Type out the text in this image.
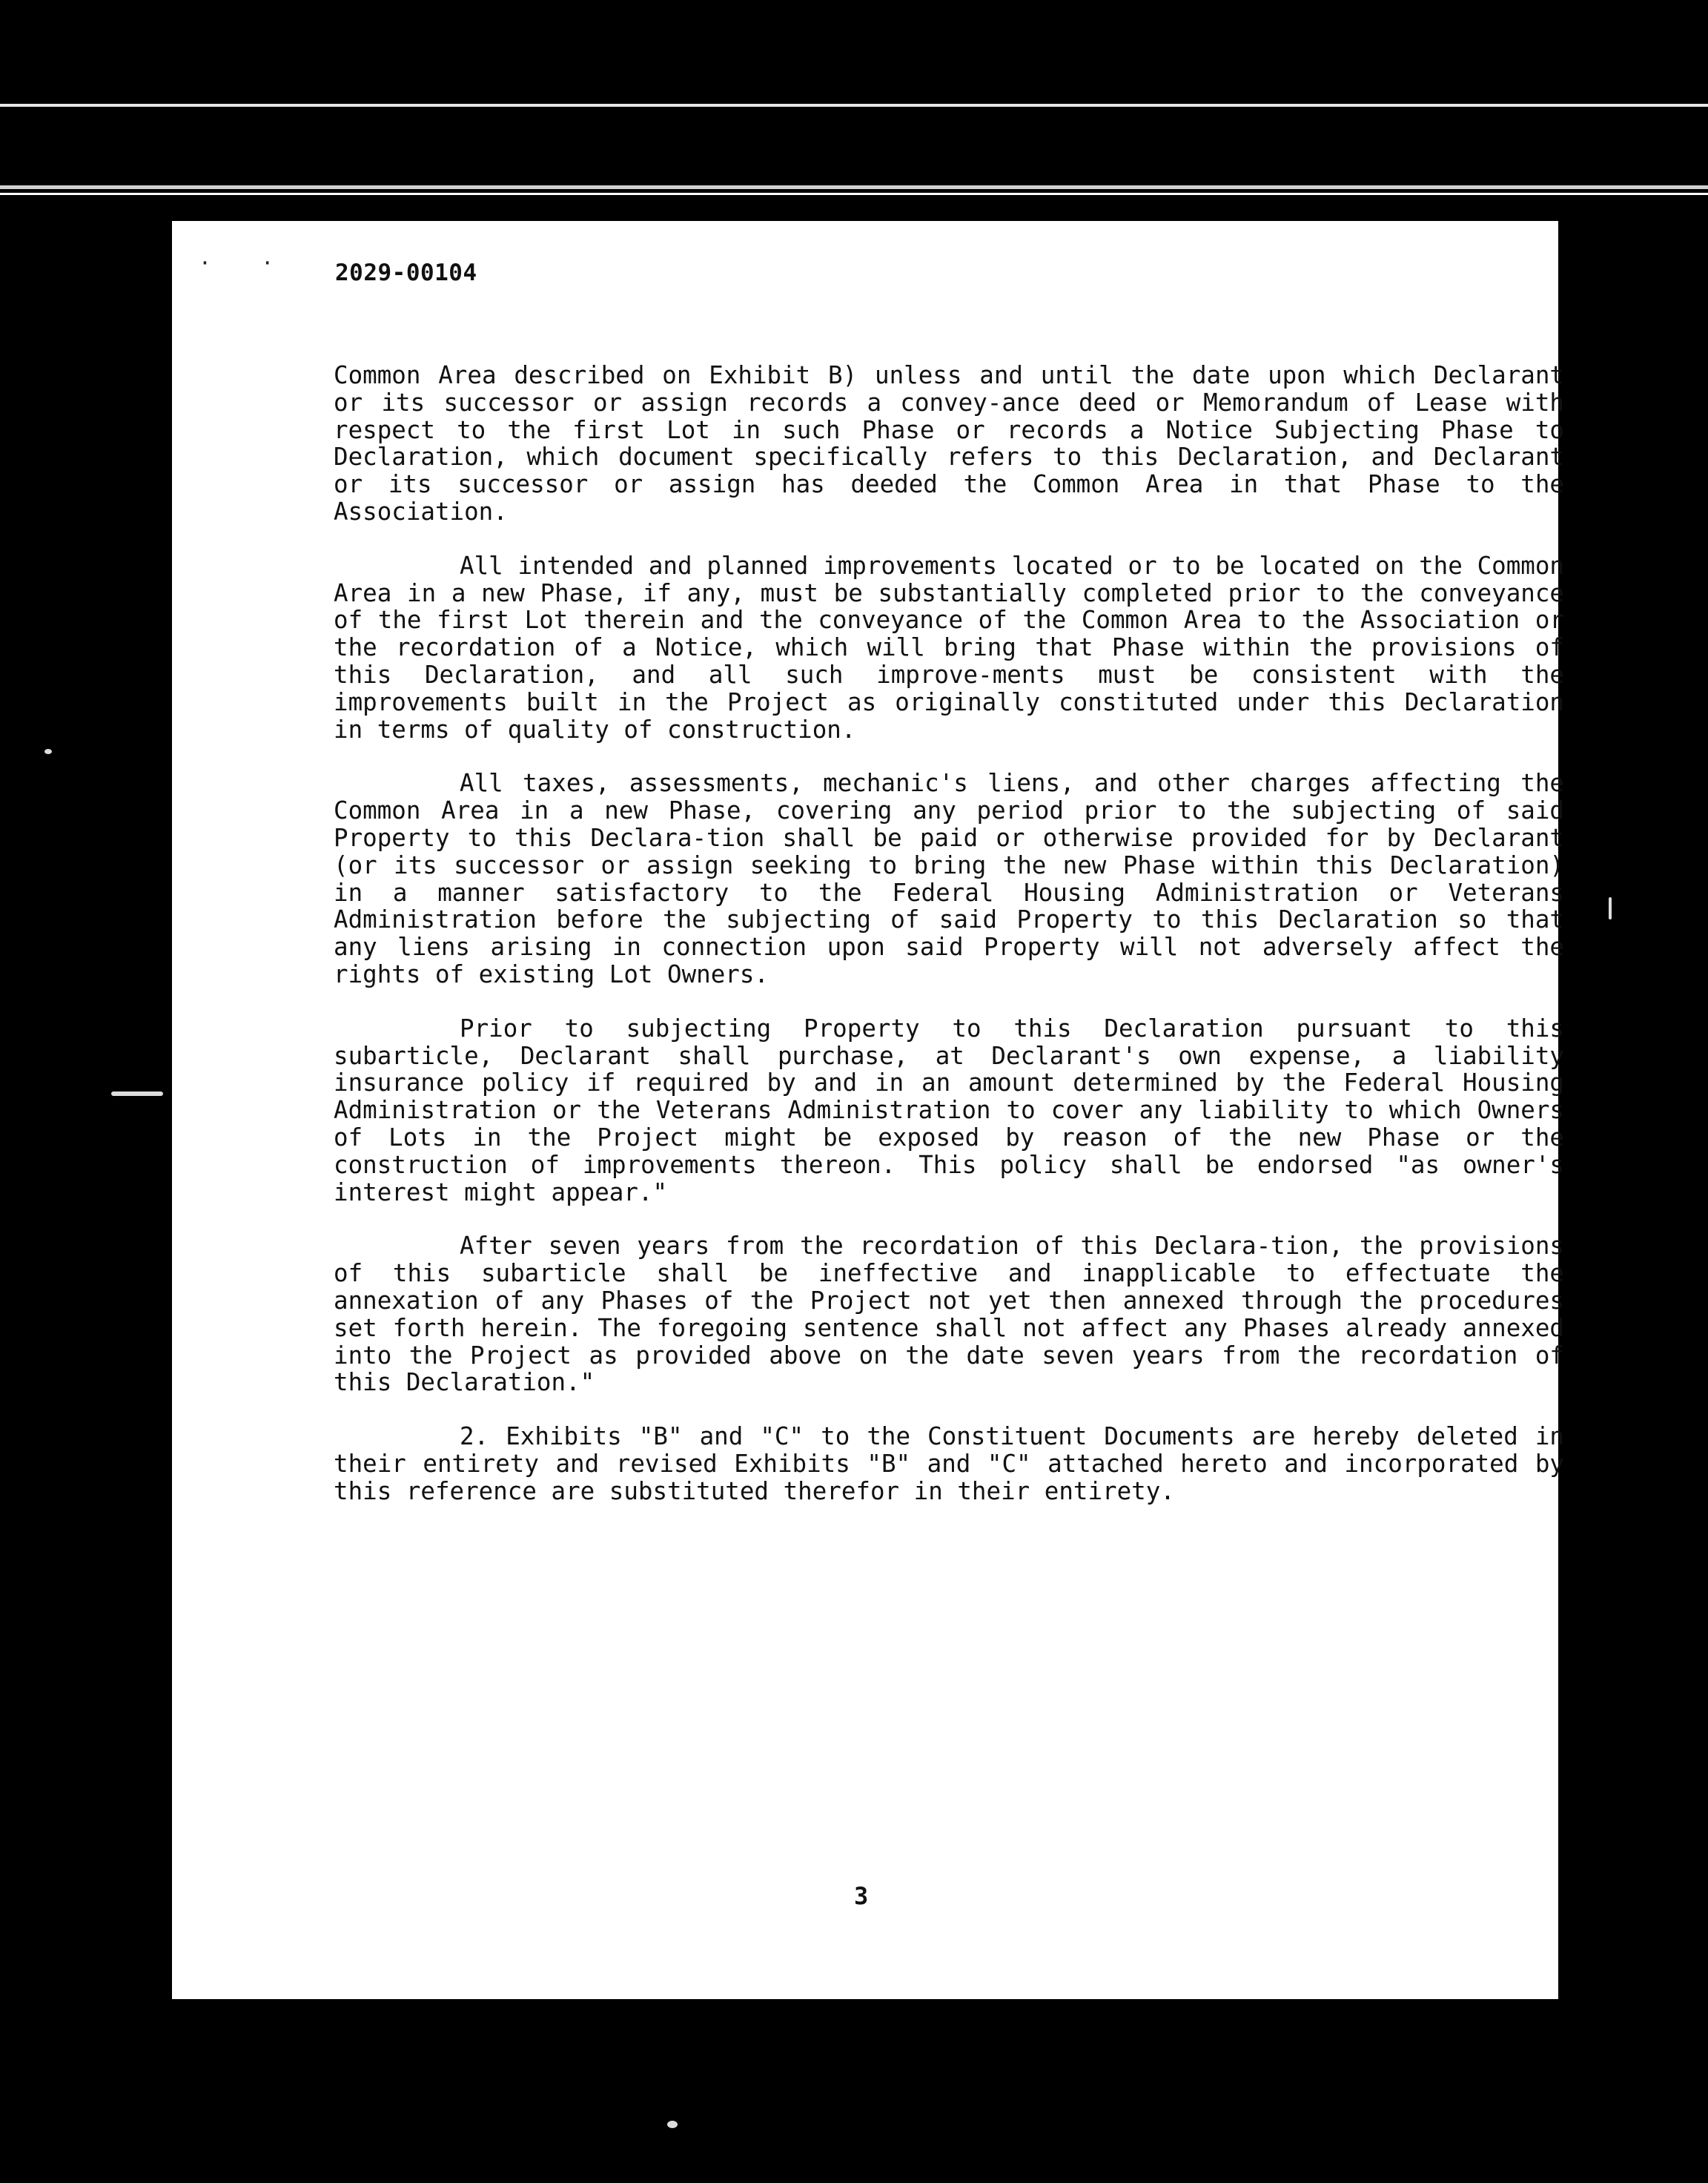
·    ·	2029-00104

Common Area described on Exhibit B) unless and until the date upon which Declarant or its successor or assign records a convey-ance deed or Memorandum of Lease with respect to the first Lot in such Phase or records a Notice Subjecting Phase to Declaration, which document specifically refers to this Declaration, and Declarant or its successor or assign has deeded the Common Area in that Phase to the Association.

All intended and planned improvements located or to be located on the Common Area in a new Phase, if any, must be substantially completed prior to the conveyance of the first Lot therein and the conveyance of the Common Area to the Association or the recordation of a Notice, which will bring that Phase within the provisions of this Declaration, and all such improve-ments must be consistent with the improvements built in the Project as originally constituted under this Declaration in terms of quality of construction.

All taxes, assessments, mechanic's liens, and other charges affecting the Common Area in a new Phase, covering any period prior to the subjecting of said Property to this Declara-tion shall be paid or otherwise provided for by Declarant (or its successor or assign seeking to bring the new Phase within this Declaration) in a manner satisfactory to the Federal Housing Administration or Veterans Administration before the subjecting of said Property to this Declaration so that any liens arising in connection upon said Property will not adversely affect the rights of existing Lot Owners.

Prior to subjecting Property to this Declaration pursuant to this subarticle, Declarant shall purchase, at Declarant's own expense, a liability insurance policy if required by and in an amount determined by the Federal Housing Administration or the Veterans Administration to cover any liability to which Owners of Lots in the Project might be exposed by reason of the new Phase or the construction of improvements thereon. This policy shall be endorsed "as owner's interest might appear."

After seven years from the recordation of this Declara-tion, the provisions of this subarticle shall be ineffective and inapplicable to effectuate the annexation of any Phases of the Project not yet then annexed through the procedures set forth herein. The foregoing sentence shall not affect any Phases already annexed into the Project as provided above on the date seven years from the recordation of this Declaration."

2. Exhibits "B" and "C" to the Constituent Documents are hereby deleted in their entirety and revised Exhibits "B" and "C" attached hereto and incorporated by this reference are substituted therefor in their entirety.

3
7833 1330
